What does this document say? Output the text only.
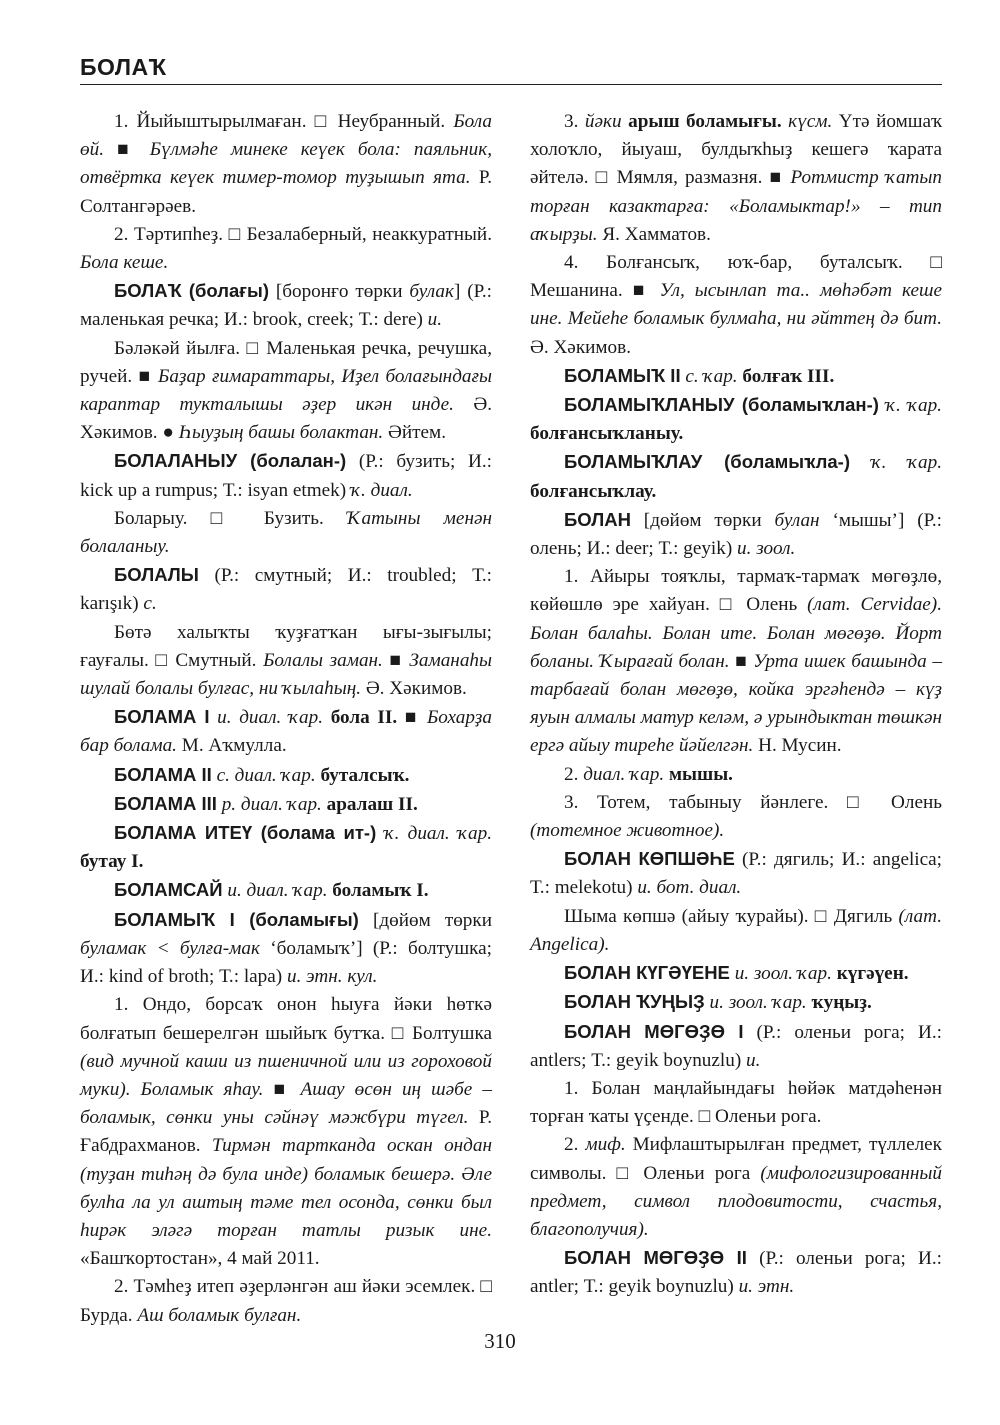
БОЛАҠ

1. Йыйыштырылмаған. □ Неубранный. Бола өй. ■ Бүлмәһе минеке кеүек бола: паяльник, отвёртка кеүек тимер-томор туҙышып ята. Р. Солтангәрәев.

2. Тәртипһеҙ. □ Безалаберный, неаккуратный. Бола кеше.

БОЛАҠ (болағы) [боронғо төрки булак] (Р.: маленькая речка; И.: brook, creek; Т.: dere) и.

Бәләкәй йылға. □ Маленькая речка, речушка, ручей. ■ Баҙар ғимараттары, Иҙел болағындағы караптар тукталышы әҙер икән инде. Ә. Хәкимов. ● Һыуҙың башы болактан. Әйтем.

БОЛАЛАНЫУ (болалан-) (Р.: бузить; И.: kick up a rumpus; Т.: isyan etmek) ҡ. диал.

Боларыу. □ Бузить. Ҡатыны менән болаланыу.

БОЛАЛЫ (Р.: смутный; И.: troubled; Т.: karışık) с.

Бөтә халыҡты ҡуҙғатҡан ығы-зығылы; ғауғалы. □ Смутный. Болалы заман. ■ Заманаһы шулай болалы булғас, ни ҡылаһың. Ә. Хәкимов.

БОЛАМА I и. диал. ҡар. бола II. ■ Бохарҙа бар болама. М. Аҡмулла.

БОЛАМА II с. диал. ҡар. буталсыҡ.

БОЛАМА III р. диал. ҡар. аралаш II.

БОЛАМА ИТЕҮ (болама ит-) ҡ. диал. ҡар. бутау I.

БОЛАМСАЙ и. диал. ҡар. боламыҡ I.

БОЛАМЫҠ I (боламығы) [дөйөм төрки буламак < булға-мак ‘боламыҡ’] (Р.: болтушка; И.: kind of broth; Т.: lapa) и. этн. кул.

1. Ондо, борсаҡ онон һыуға йәки һөткә болғатып бешерелгән шыйыҡ бутҡа. □ Болтушка (вид мучной каши из пшеничной или из гороховой муки). Боламык яһау. ■ Ашау өсөн иң шәбе – боламык, сөнки уны сәйнәү мәжбүри түгел. Р. Ғабдрахманов. Тирмән тартканда оскан ондан (туҙан тиһәң дә була инде) боламык бешерә. Әле булһа ла ул аштың тәме тел осонда, сөнки был һирәк эләгә торған татлы ризык ине. «Башҡортостан», 4 май 2011.

2. Тәмһеҙ итеп әҙерләнгән аш йәки эсемлек. □ Бурда. Аш боламык булған.

3. йәки арыш боламығы. күсм. Үтә йомшаҡ холоҡло, йыуаш, булдыҡһыҙ кешегә ҡарата әйтелә. □ Мямля, размазня. ■ Ротмистр ҡатып торған казактарға: «Боламыктар!» – тип аҡырҙы. Я. Хамматов.

4. Болғансыҡ, юҡ-бар, буталсыҡ. □ Мешанина. ■ Ул, ысынлап та.. мөһәбәт кеше ине. Мейеһе боламык булмаһа, ни әйттең дә бит. Ә. Хәкимов.

БОЛАМЫҠ II с. ҡар. болғаҡ III.

БОЛАМЫҠЛАНЫУ (боламыҡлан-) ҡ. ҡар. болғансыҡланыу.

БОЛАМЫҠЛАУ (боламыҡла-) ҡ. ҡар. болғансыҡлау.

БОЛАН [дөйөм төрки булан ‘мышы’] (Р.: олень; И.: deer; Т.: geyik) и. зоол.

1. Айыры тояҡлы, тармаҡ-тармаҡ мөгөҙлө, көйөшлө эре хайуан. □ Олень (лат. Cervidae). Болан балаһы. Болан ите. Болан мөгөҙө. Йорт боланы. Ҡырағай болан. ■ Урта ишек башында – тарбағай болан мөгөҙө, койка эргәһендә – күҙ яуын алмалы матур келәм, ә урындыктан төшкән ергә айыу тиреһе йәйелгән. Н. Мусин.

2. диал. ҡар. мышы.

3. Тотем, табыныу йәнлеге. □ Олень (тотемное животное).

БОЛАН КӨПШӘҺЕ (Р.: дягиль; И.: angelica; Т.: melekotu) и. бот. диал.

Шыма көпшә (айыу ҡурайы). □ Дягиль (лат. Angelica).

БОЛАН КҮГӘҮЕНЕ и. зоол. ҡар. күгәүен.

БОЛАН ҠУҢЫҘ и. зоол. ҡар. ҡуңыҙ.

БОЛАН МӨГӨҘӨ I (Р.: оленьи рога; И.: antlers; Т.: geyik boynuzlu) и.

1. Болан маңлайындағы һөйәк матдәһенән торған ҡаты үҫенде. □ Оленьи рога.

2. миф. Мифлаштырылған предмет, түллелек символы. □ Оленьи рога (мифологизированный предмет, символ плодовитости, счастья, благополучия).

БОЛАН МӨГӨҘӨ II (Р.: оленьи рога; И.: antler; Т.: geyik boynuzlu) и. этн.

310
